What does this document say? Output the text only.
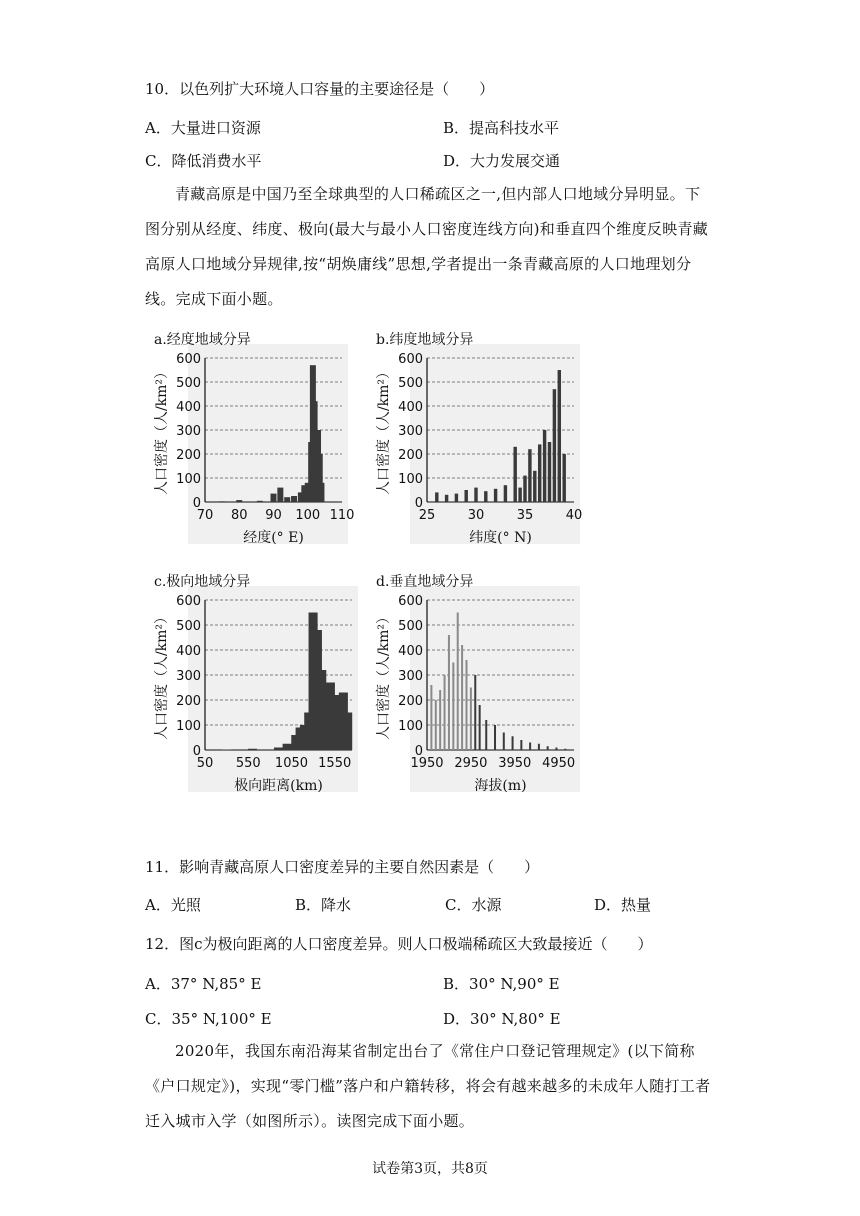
10．以色列扩大环境人口容量的主要途径是（　　）
A．大量进口资源	B．提高科技水平
C．降低消费水平	D．大力发展交通
青藏高原是中国乃至全球典型的人口稀疏区之一,但内部人口地域分异明显。下图分别从经度、纬度、极向(最大与最小人口密度连线方向)和垂直四个维度反映青藏高原人口地域分异规律,按“胡焕庸线”思想,学者提出一条青藏高原的人口地理划分线。完成下面小题。
a.经度地域分异
0
100
200
300
400
500
600
70 80 90 100 110
人口密度（人/km²）
经度(° E)
b.纬度地域分异
0
100
200
300
400
500
600
25 30 35 40
人口密度（人/km²）
纬度(° N)
c.极向地域分异
0
100
200
300
400
500
600
50 550 1050 1550
人口密度（人/km²）
极向距离(km)
d.垂直地域分异
0
100
200
300
400
500
600
1950 2950 3950 4950
人口密度（人/km²）
海拔(m)
11．影响青藏高原人口密度差异的主要自然因素是（　　）
A．光照	B．降水	C．水源	D．热量
12．图c为极向距离的人口密度差异。则人口极端稀疏区大致最接近（　　）
A．37° N,85° E	B．30° N,90° E
C．35° N,100° E	D．30° N,80° E
2020年，我国东南沿海某省制定出台了《常住户口登记管理规定》(以下简称《户口规定》)，实现“零门槛”落户和户籍转移，将会有越来越多的未成年人随打工者迁入城市入学（如图所示）。读图完成下面小题。
试卷第3页，共8页
